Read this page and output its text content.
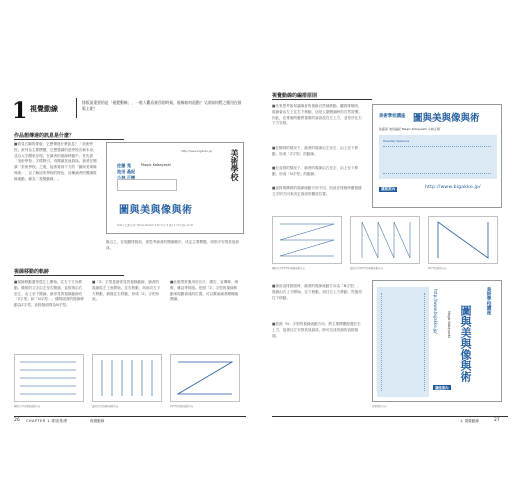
1 視覺動線
排版最重要的是「視覺動線」，一般人觀看東西的時候，視線如何流動？又該如何將之應用在排版上呢？
作品想傳達的訊息是什麼？
■看見右圖的排版，它想傳達什麼訊息？「美術學校」被列為主要標題，它想強調的是學校名稱本身，並以大字體來呈現。在讀者的視線移動中，首先被「美術學校」字樣吸引，再閱讀其他資訊。讀者在閱讀「美術學校」之後，接著看到下方的「圖與美與像與術」，以了解這所學校的特色，這種讀者的閱讀視線流動，稱為「視覺動線」。
佐藤 晃
池田 晶紀
小林 正樹
Magic Kobayashi	美術學校
圖與美與像與術
http://www.bigakko.jp/
2011年度講座日程 "Studio Parasol" 9:40 中目 / 6 講座 4 / 6.5 講座 11:00
換言之，在規劃排版前，需思考讀者的閱讀順序，決定主要標題，再依序安排其他資訊。
視線移動的軌跡
■視線移動通常從左上開始，往右下方向移動。橫排的文字由左至右閱讀，直排則由右至左、由上至下閱讀。最常見的視線動線有「Z字型」和「N字型」。橫排版面的視線移動為Z字型，直排版面則為N字型。
■「Z」字型是最常見的視線動線，讀者的視線從左上角開始，往右移動，再斜向左下方移動，最後往右移動，形成「Z」字的形狀。
■此版型常運用於名片、廣告、宣傳單、海報、雜誌等排版。依照「Z」字型的視線移動來規劃資訊的位置，可以幫助讀者順暢地閱讀。
橫排文字的視線流動方向	直排文字的視線流動方向	Z字型的視線流動方向
26 CHAPTER 1 排版基礎	視覺動線
視覺動線的編排原則
■先來思考如何讓讀者的視線自然地移動。觀看排版時，視線會由左上往右下移動，這是人類閱讀時的自然習慣。因此，在排版時應將重要的資訊放在左上方，並依序往右下方安排。
■在橫排的情況下，讀者的視線由左至右、由上至下移動，形成「Z字型」的動線。
■在直排的情況下，讀者的視線由右至左、由上至下移動，形成「N字型」的動線。
■直排與橫排的視線流動方向不同，因此在排版時應根據文字的方向來決定資訊的擺放位置。
美術學校講座 圖與美與像與術
佐藤晃 池田晶紀 Magic Kobayashi 小林正樹
Tuesday Sessions
講座案內	http://www.bigakko.jp/
橫排文字Z字型的視線流動方向	直排文字N字型的視線流動方向	N字型的排版方向
■採用直排排版時，讀者的視線流動方向為「N字型」，視線由右上方開始，往下移動，再往左上方移動，然後再往下移動。
■依照「N」字型的視線流動方向，將主要標題配置於右上方，接著往左安排其他資訊，即可完成易讀的直排版面。
http://www.bigakko.jp/	美術學校講座
Magic Kobayashi 圖與美與像與術
講座案內
改變排版方向
1. 視覺動線	27
